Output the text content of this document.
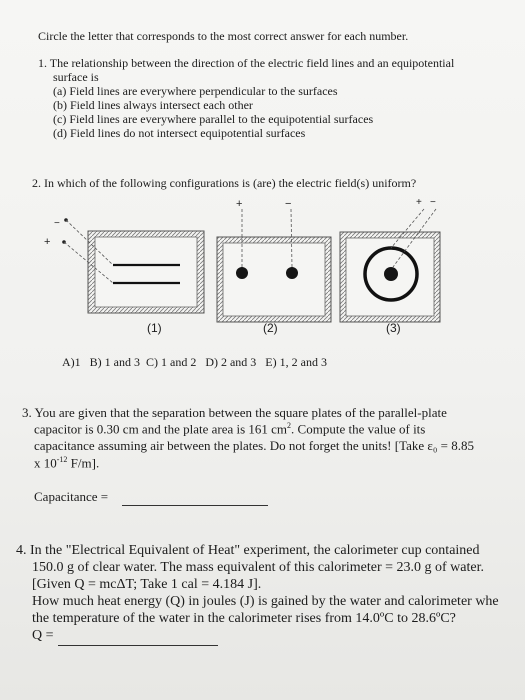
Circle the letter that corresponds to the most correct answer for each number.
1. The relationship between the direction of the electric field lines and an equipotential
surface is
(a) Field lines are everywhere perpendicular to the surfaces
(b) Field lines always intersect each other
(c) Field lines are everywhere parallel to the equipotential surfaces
(d) Field lines do not intersect equipotential surfaces
2. In which of the following configurations is (are) the electric field(s) uniform?
−
+
+	−	+ −
(1)	(2)	(3)
A)1   B) 1 and 3  C) 1 and 2   D) 2 and 3   E) 1, 2 and 3
3. You are given that the separation between the square plates of the parallel-plate
capacitor is 0.30 cm and the plate area is 161 $cm^2$. Compute the value of its
capacitance assuming air between the plates. Do not forget the units! [Take ε₀ = 8.85
x $10^{-12}$ F/m].
Capacitance =
4. In the "Electrical Equivalent of Heat" experiment, the calorimeter cup contained
150.0 g of clear water. The mass equivalent of this calorimeter = 23.0 g of water.
[Given Q = mcΔT; Take 1 cal = 4.184 J].
How much heat energy (Q) in joules (J) is gained by the water and calorimeter whe
the temperature of the water in the calorimeter rises from 14.0ºC to 28.6ºC?
Q =
